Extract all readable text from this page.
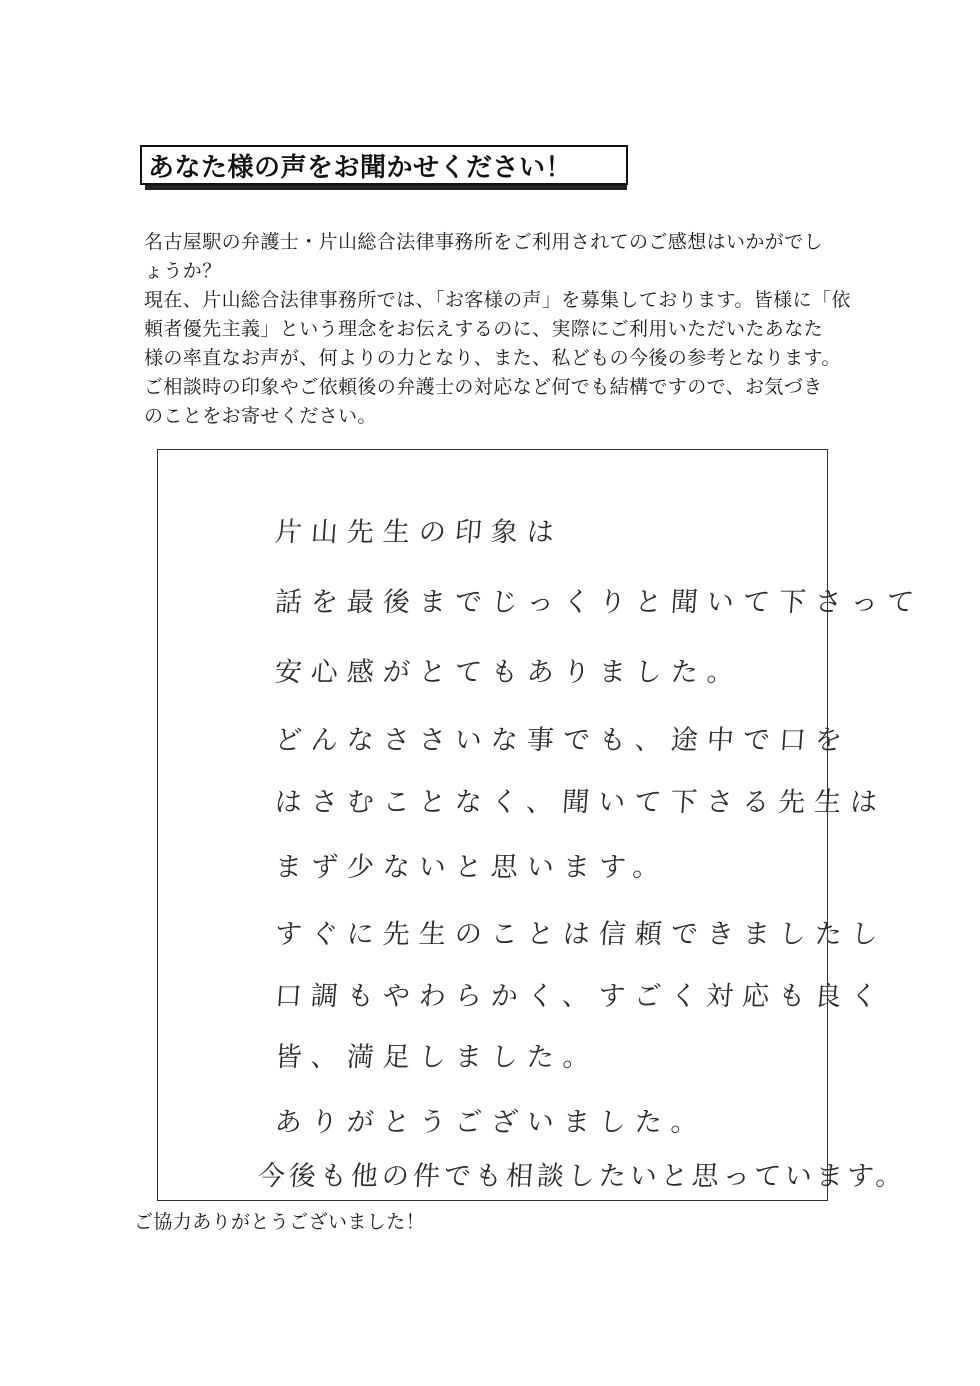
あなた様の声をお聞かせください！
名古屋駅の弁護士・片山総合法律事務所をご利用されてのご感想はいかがでし
ょうか？
現在、片山総合法律事務所では、「お客様の声」を募集しております。皆様に「依
頼者優先主義」という理念をお伝えするのに、実際にご利用いただいたあなた
様の率直なお声が、何よりの力となり、また、私どもの今後の参考となります。
ご相談時の印象やご依頼後の弁護士の対応など何でも結構ですので、お気づき
のことをお寄せください。
片山先生の印象は
話を最後までじっくりと聞いて下さって
安心感がとてもありました。
どんなささいな事でも、途中で口を
はさむことなく、聞いて下さる先生は
まず少ないと思います。
すぐに先生のことは信頼できましたし
口調もやわらかく、すごく対応も良く
皆、満足しました。
ありがとうございました。
今後も他の件でも相談したいと思っています。
ご協力ありがとうございました！
